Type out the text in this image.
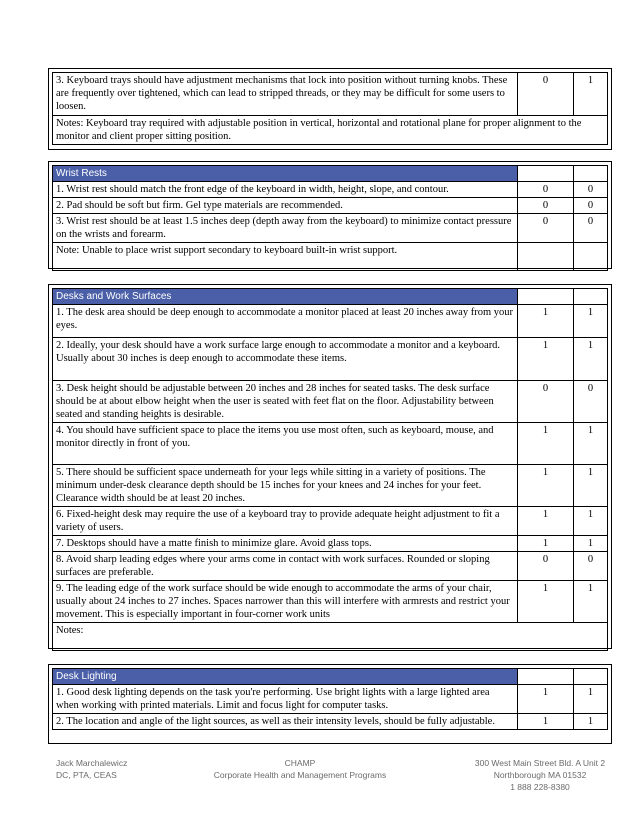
3. Keyboard trays should have adjustment mechanisms that lock into position without turning knobs. These are frequently over tightened, which can lead to stripped threads, or they may be difficult for some users to loosen.	0	1
Notes: Keyboard tray required with adjustable position in vertical, horizontal and rotational plane for proper alignment to the monitor and client proper sitting position.
Wrist Rests		
1. Wrist rest should match the front edge of the keyboard in width, height, slope, and contour.	0	0
2. Pad should be soft but firm. Gel type materials are recommended.	0	0
3. Wrist rest should be at least 1.5 inches deep (depth away from the keyboard) to minimize contact pressure on the wrists and forearm.	0	0
Note: Unable to place wrist support secondary to keyboard built-in wrist support.		
Desks and Work Surfaces		
1. The desk area should be deep enough to accommodate a monitor placed at least 20 inches away from your eyes.	1	1
2. Ideally, your desk should have a work surface large enough to accommodate a monitor and a keyboard. Usually about 30 inches is deep enough to accommodate these items.	1	1
3. Desk height should be adjustable between 20 inches and 28 inches for seated tasks. The desk surface should be at about elbow height when the user is seated with feet flat on the floor. Adjustability between seated and standing heights is desirable.	0	0
4. You should have sufficient space to place the items you use most often, such as keyboard, mouse, and monitor directly in front of you.	1	1
5. There should be sufficient space underneath for your legs while sitting in a variety of positions. The minimum under-desk clearance depth should be 15 inches for your knees and 24 inches for your feet. Clearance width should be at least 20 inches.	1	1
6. Fixed-height desk may require the use of a keyboard tray to provide adequate height adjustment to fit a variety of users.	1	1
7. Desktops should have a matte finish to minimize glare. Avoid glass tops.	1	1
8. Avoid sharp leading edges where your arms come in contact with work surfaces. Rounded or sloping surfaces are preferable.	0	0
9. The leading edge of the work surface should be wide enough to accommodate the arms of your chair, usually about 24 inches to 27 inches. Spaces narrower than this will interfere with armrests and restrict your movement. This is especially important in four-corner work units	1	1
Notes:		
Desk Lighting		
1. Good desk lighting depends on the task you're performing. Use bright lights with a large lighted area when working with printed materials. Limit and focus light for computer tasks.	1	1
2. The location and angle of the light sources, as well as their intensity levels, should be fully adjustable.	1	1
Jack Marchalewicz
DC, PTA, CEAS
CHAMP
Corporate Health and Management Programs
300 West Main Street Bld. A Unit 2
Northborough MA 01532
1 888 228-8380
